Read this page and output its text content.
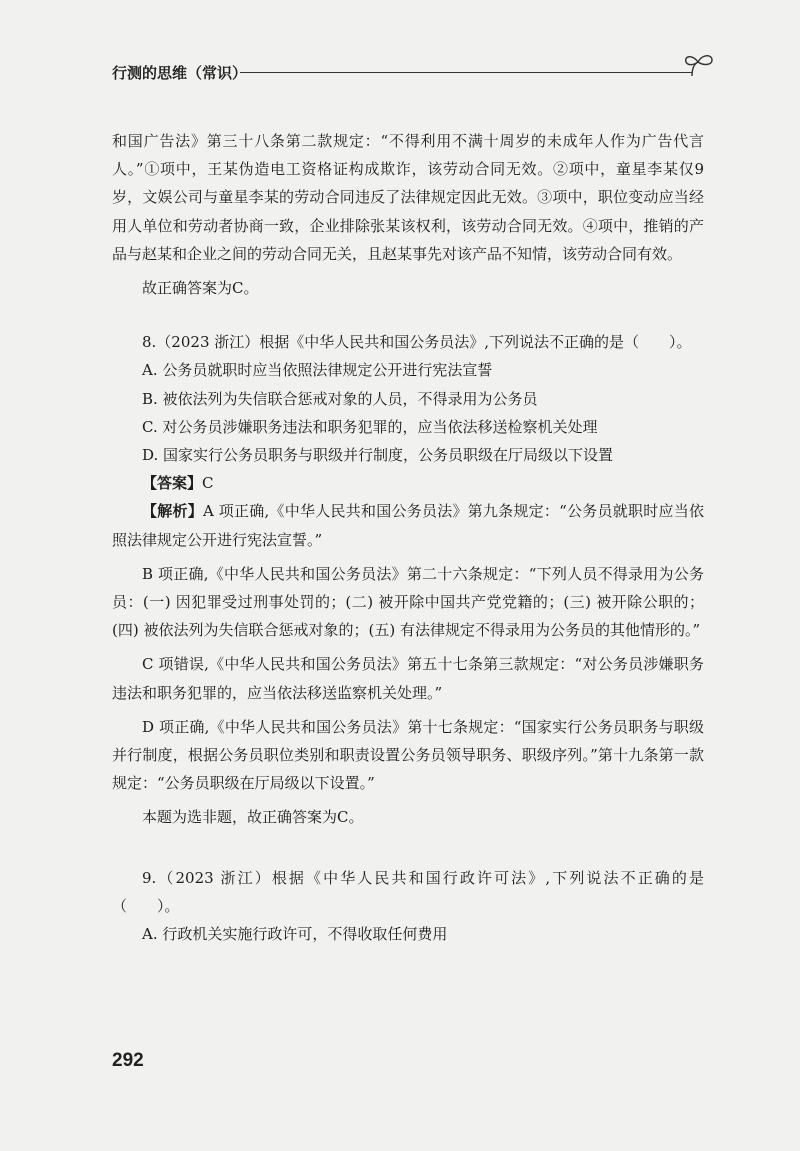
行测的思维（常识）

和国广告法》第三十八条第二款规定：“不得利用不满十周岁的未成年人作为广告代言人。”①项中，王某伪造电工资格证构成欺诈，该劳动合同无效。②项中，童星李某仅9岁，文娱公司与童星李某的劳动合同违反了法律规定因此无效。③项中，职位变动应当经用人单位和劳动者协商一致，企业排除张某该权利，该劳动合同无效。④项中，推销的产品与赵某和企业之间的劳动合同无关，且赵某事先对该产品不知情，该劳动合同有效。

故正确答案为C。

8.（2023 浙江）根据《中华人民共和国公务员法》,下列说法不正确的是（　　）。

A. 公务员就职时应当依照法律规定公开进行宪法宣誓

B. 被依法列为失信联合惩戒对象的人员，不得录用为公务员

C. 对公务员涉嫌职务违法和职务犯罪的，应当依法移送检察机关处理

D. 国家实行公务员职务与职级并行制度，公务员职级在厅局级以下设置

【答案】C

【解析】A 项正确,《中华人民共和国公务员法》第九条规定：“公务员就职时应当依照法律规定公开进行宪法宣誓。”

B 项正确,《中华人民共和国公务员法》第二十六条规定：“下列人员不得录用为公务员：(一) 因犯罪受过刑事处罚的；(二) 被开除中国共产党党籍的；(三) 被开除公职的；(四) 被依法列为失信联合惩戒对象的；(五) 有法律规定不得录用为公务员的其他情形的。”

C 项错误,《中华人民共和国公务员法》第五十七条第三款规定：“对公务员涉嫌职务违法和职务犯罪的，应当依法移送监察机关处理。”

D 项正确,《中华人民共和国公务员法》第十七条规定：“国家实行公务员职务与职级并行制度，根据公务员职位类别和职责设置公务员领导职务、职级序列。”第十九条第一款规定：“公务员职级在厅局级以下设置。”

本题为选非题，故正确答案为C。

9.（2023 浙江）根据《中华人民共和国行政许可法》,下列说法不正确的是（　　）。

A. 行政机关实施行政许可，不得收取任何费用

292
